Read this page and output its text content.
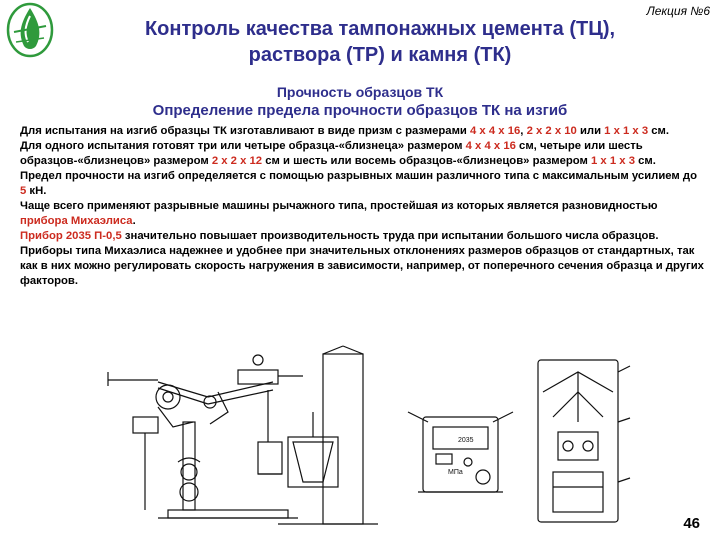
Лекция №6
Контроль качества тампонажных цемента (ТЦ),
раствора (ТР) и камня (ТК)
Прочность образцов ТК
Определение предела прочности образцов ТК на изгиб

Для испытания на изгиб образцы ТК изготавливают в виде призм с размерами 4 х 4 х 16, 2 х 2 х 10 или 1 х 1 х 3 см.

Для одного испытания готовят три или четыре образца-«близнеца» размером 4 х 4 х 16 см, четыре или шесть образцов-«близнецов» размером 2 х 2 х 12 см и шесть или восемь образцов-«близнецов» размером 1 х 1 х 3 см.

Предел прочности на изгиб определяется с помощью разрывных машин различного типа с максимальным усилием до 5 кН.

Чаще всего применяют разрывные машины рычажного типа, простейшая из которых является разновидностью прибора Михаэлиса.

Прибор 2035 П-0,5 значительно повышает производительность труда при испытании большого числа образцов. Приборы типа Михаэлиса надежнее и удобнее при значительных отклонениях размеров образцов от стандартных, так как в них можно регулировать скорость нагружения в зависимости, например, от поперечного сечения образца и других факторов.

2035
МПа
46
